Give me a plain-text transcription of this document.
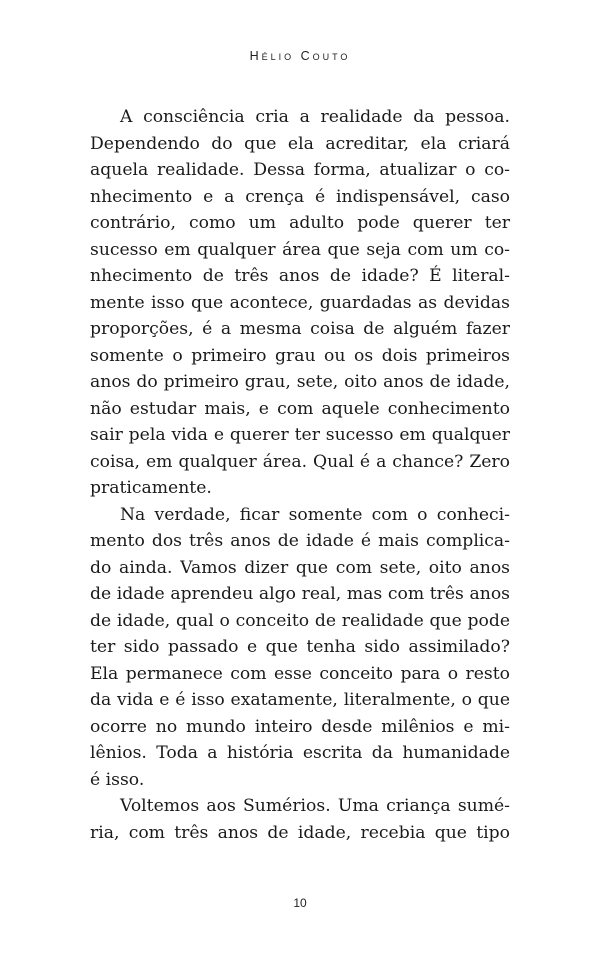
Hélio Couto
A consciência cria a realidade da pessoa.
Dependendo do que ela acreditar, ela criará
aquela realidade. Dessa forma, atualizar o co-
nhecimento e a crença é indispensável, caso
contrário, como um adulto pode querer ter
sucesso em qualquer área que seja com um co-
nhecimento de três anos de idade? É literal-
mente isso que acontece, guardadas as devidas
proporções, é a mesma coisa de alguém fazer
somente o primeiro grau ou os dois primeiros
anos do primeiro grau, sete, oito anos de idade,
não estudar mais, e com aquele conhecimento
sair pela vida e querer ter sucesso em qualquer
coisa, em qualquer área. Qual é a chance? Zero
praticamente.
Na verdade, ficar somente com o conheci-
mento dos três anos de idade é mais complica-
do ainda. Vamos dizer que com sete, oito anos
de idade aprendeu algo real, mas com três anos
de idade, qual o conceito de realidade que pode
ter sido passado e que tenha sido assimilado?
Ela permanece com esse conceito para o resto
da vida e é isso exatamente, literalmente, o que
ocorre no mundo inteiro desde milênios e mi-
lênios. Toda a história escrita da humanidade
é isso.
Voltemos aos Sumérios. Uma criança sumé-
ria, com três anos de idade, recebia que tipo
10
